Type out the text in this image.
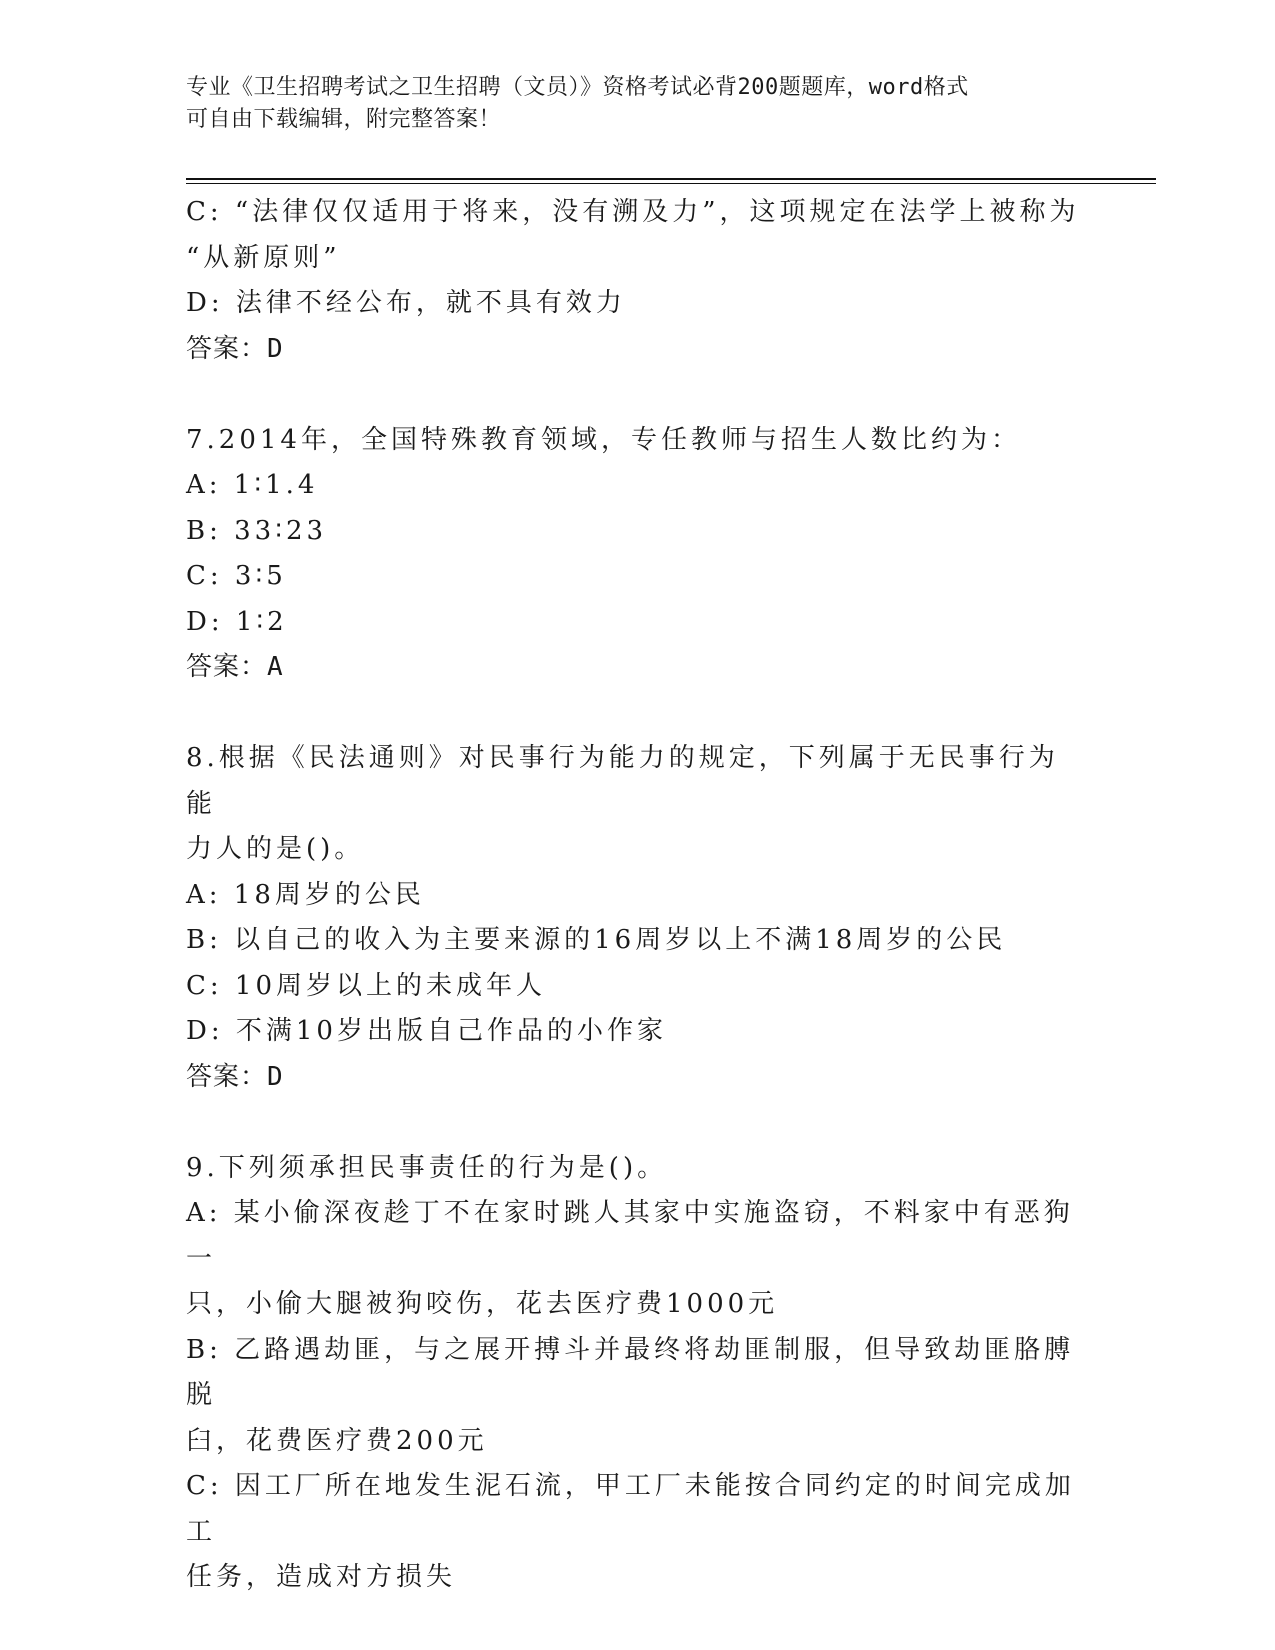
专业《卫生招聘考试之卫生招聘（文员）》资格考试必背200题题库，word格式
可自由下载编辑，附完整答案！
C: “法律仅仅适用于将来，没有溯及力”，这项规定在法学上被称为
“从新原则”
D: 法律不经公布，就不具有效力
答案：D
7.2014年，全国特殊教育领域，专任教师与招生人数比约为：
A: 1∶1.4
B: 33∶23
C: 3∶5
D: 1∶2
答案：A
8.根据《民法通则》对民事行为能力的规定，下列属于无民事行为能
力人的是()。
A: 18周岁的公民
B: 以自己的收入为主要来源的16周岁以上不满18周岁的公民
C: 10周岁以上的未成年人
D: 不满10岁出版自己作品的小作家
答案：D
9.下列须承担民事责任的行为是()。
A: 某小偷深夜趁丁不在家时跳人其家中实施盗窃，不料家中有恶狗一
只，小偷大腿被狗咬伤，花去医疗费1000元
B: 乙路遇劫匪，与之展开搏斗并最终将劫匪制服，但导致劫匪胳膊脱
臼，花费医疗费200元
C: 因工厂所在地发生泥石流，甲工厂未能按合同约定的时间完成加工
任务，造成对方损失
